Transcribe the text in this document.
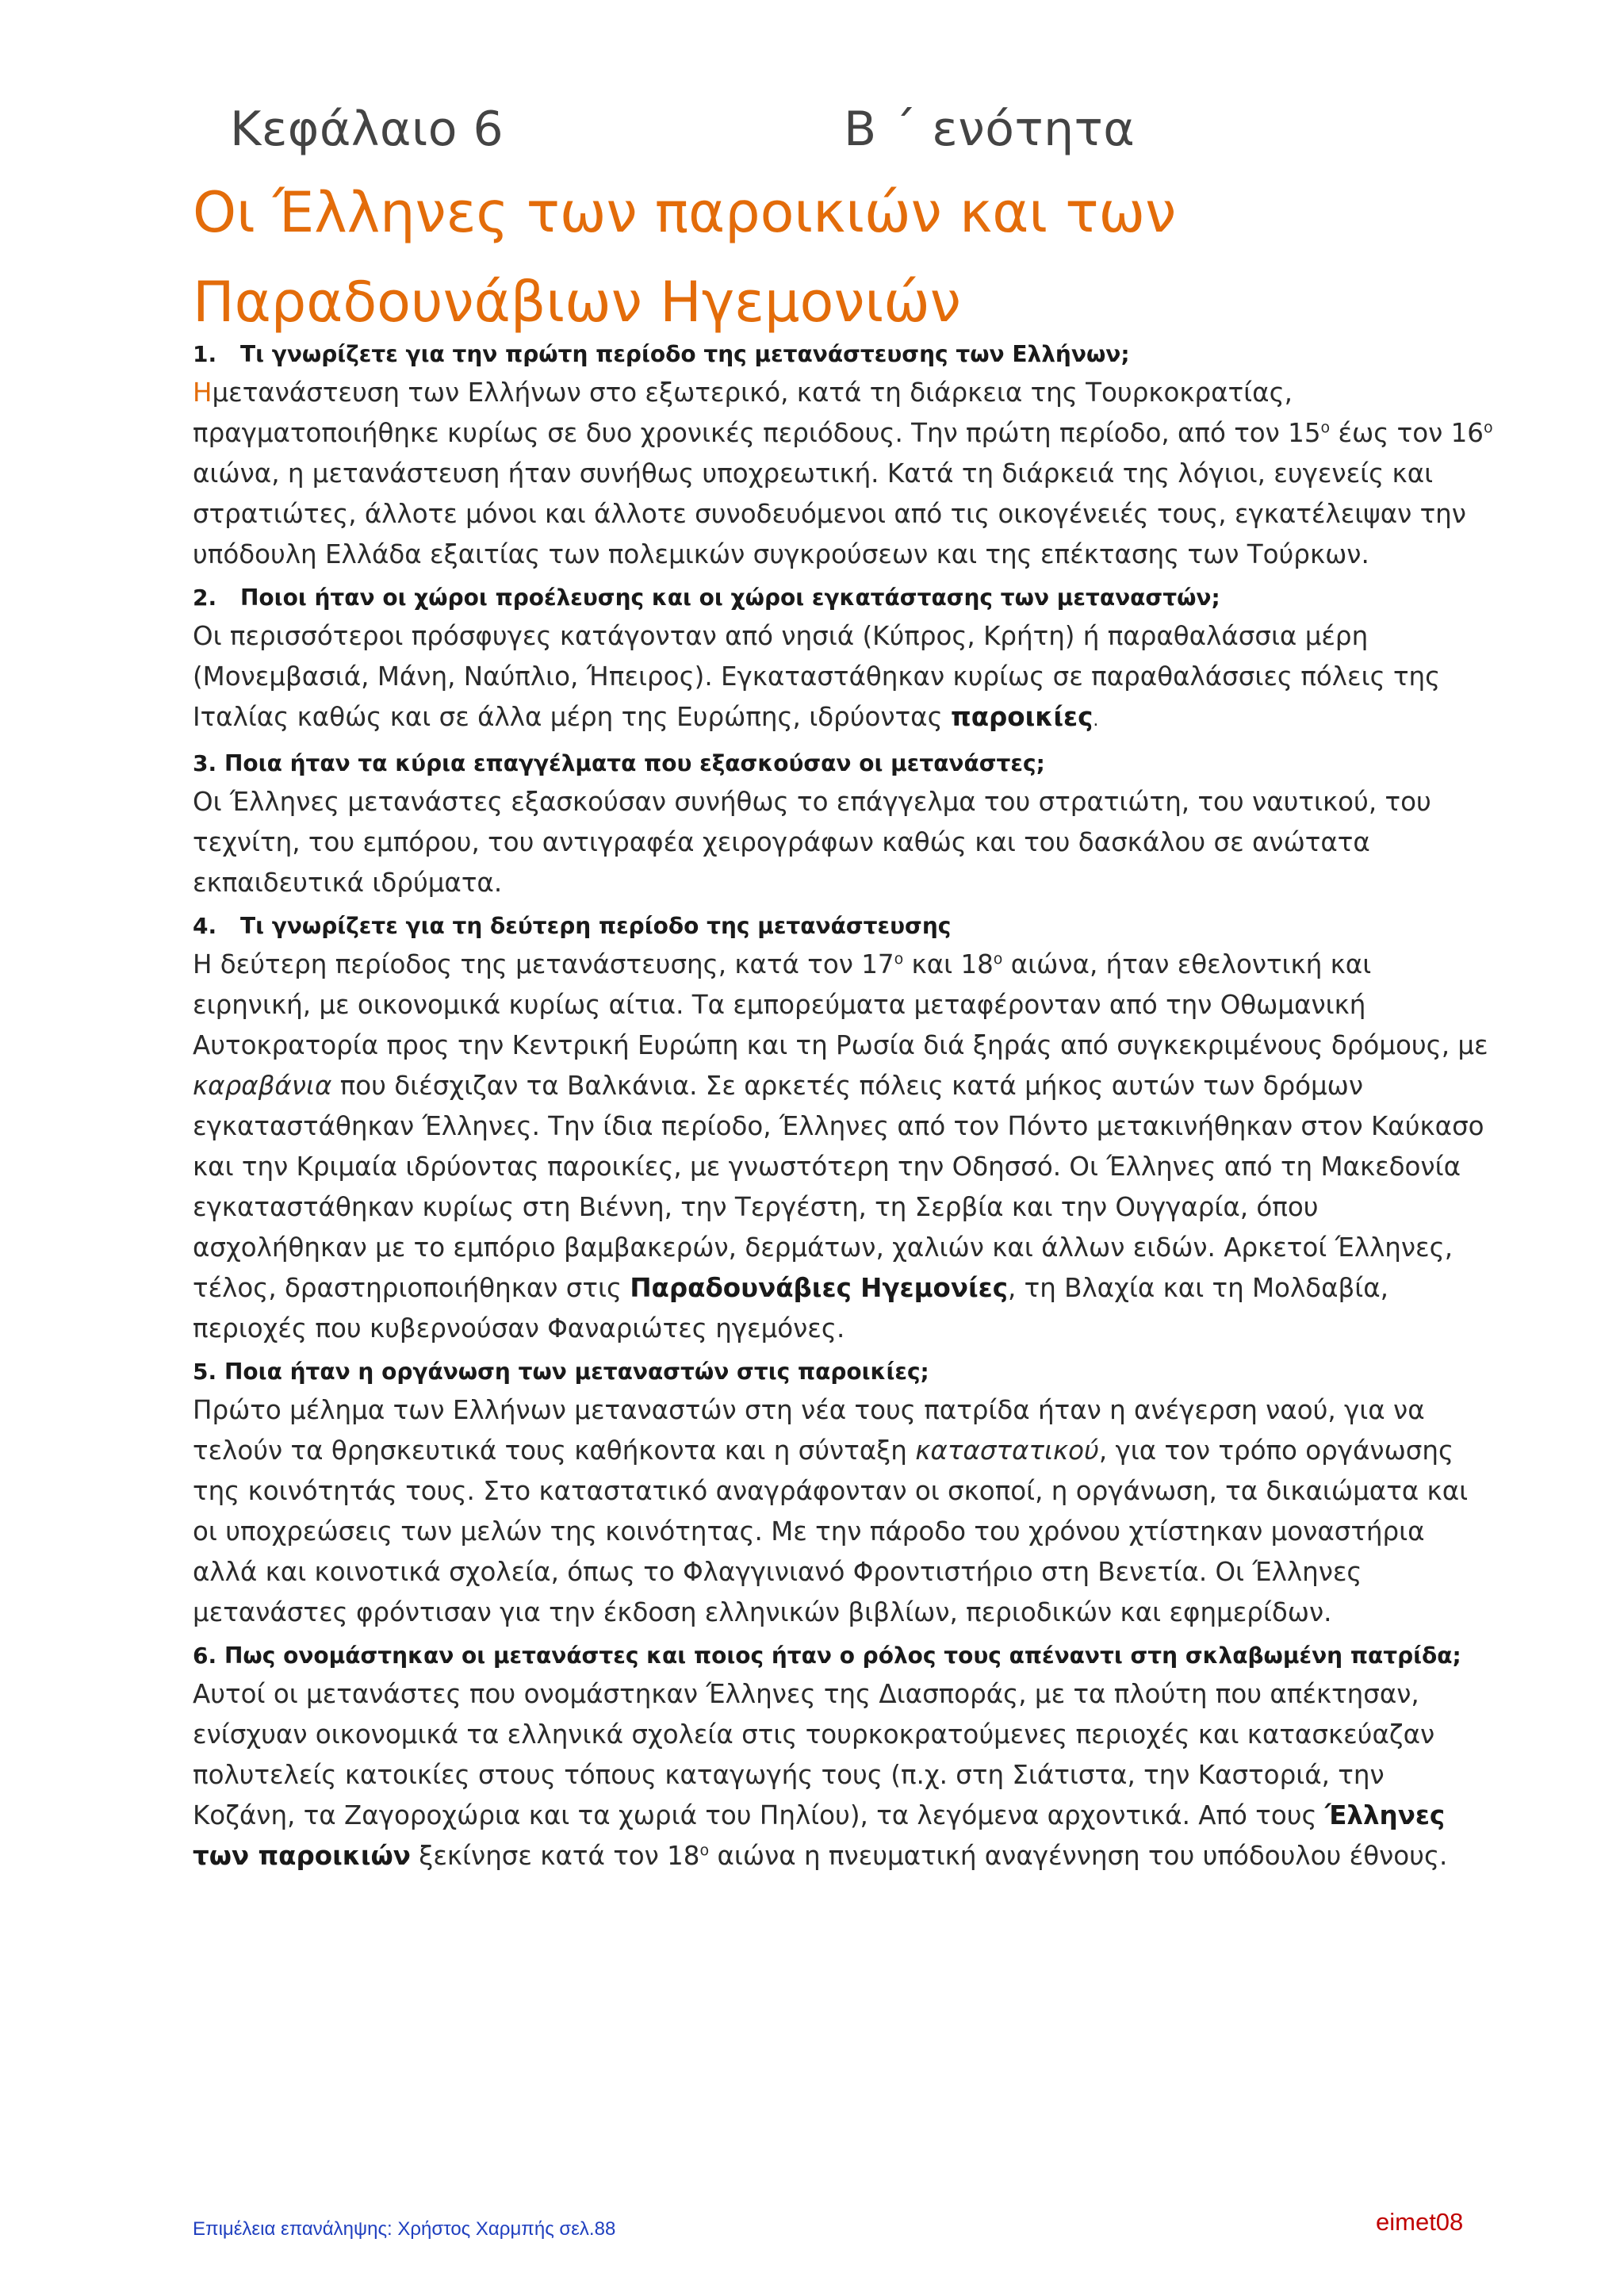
Κεφάλαιο 6	Β ΄ ενότητα
Οι Έλληνες των παροικιών και των
Παραδουνάβιων Ηγεμονιών

1. Τι γνωρίζετε για την πρώτη περίοδο της μετανάστευσης των Ελλήνων;

Ημετανάστευση των Ελλήνων στο εξωτερικό, κατά τη διάρκεια της Τουρκοκρατίας, πραγματοποιήθηκε κυρίως σε δυο χρονικές περιόδους. Την πρώτη περίοδο, από τον $15^o$ έως τον $16^o$ αιώνα, η μετανάστευση ήταν συνήθως υποχρεωτική. Κατά τη διάρκειά της λόγιοι, ευγενείς και στρατιώτες, άλλοτε μόνοι και άλλοτε συνοδευόμενοι από τις οικογένειές τους, εγκατέλειψαν την υπόδουλη Ελλάδα εξαιτίας των πολεμικών συγκρούσεων και της επέκτασης των Τούρκων.

2. Ποιοι ήταν οι χώροι προέλευσης και οι χώροι εγκατάστασης των μεταναστών;

Οι περισσότεροι πρόσφυγες κατάγονταν από νησιά (Κύπρος, Κρήτη) ή παραθαλάσσια μέρη (Μονεμβασιά, Μάνη, Ναύπλιο, Ήπειρος). Εγκαταστάθηκαν κυρίως σε παραθαλάσσιες πόλεις της Ιταλίας καθώς και σε άλλα μέρη της Ευρώπης, ιδρύοντας παροικίες.

3. Ποια ήταν τα κύρια επαγγέλματα που εξασκούσαν οι μετανάστες;

Οι Έλληνες μετανάστες εξασκούσαν συνήθως το επάγγελμα του στρατιώτη, του ναυτικού, του τεχνίτη, του εμπόρου, του αντιγραφέα χειρογράφων καθώς και του δασκάλου σε ανώτατα εκπαιδευτικά ιδρύματα.

4. Τι γνωρίζετε για τη δεύτερη περίοδο της μετανάστευσης

Η δεύτερη περίοδος της μετανάστευσης, κατά τον $17^o$ και $18^o$ αιώνα, ήταν εθελοντική και ειρηνική, με οικονομικά κυρίως αίτια. Τα εμπορεύματα μεταφέρονταν από την Οθωμανική Αυτοκρατορία προς την Κεντρική Ευρώπη και τη Ρωσία διά ξηράς από συγκεκριμένους δρόμους, με καραβάνια που διέσχιζαν τα Βαλκάνια. Σε αρκετές πόλεις κατά μήκος αυτών των δρόμων εγκαταστάθηκαν Έλληνες. Την ίδια περίοδο, Έλληνες από τον Πόντο μετακινήθηκαν στον Καύκασο και την Κριμαία ιδρύοντας παροικίες, με γνωστότερη την Οδησσό. Οι Έλληνες από τη Μακεδονία εγκαταστάθηκαν κυρίως στη Βιέννη, την Τεργέστη, τη Σερβία και την Ουγγαρία, όπου ασχολήθηκαν με το εμπόριο βαμβακερών, δερμάτων, χαλιών και άλλων ειδών. Αρκετοί Έλληνες, τέλος, δραστηριοποιήθηκαν στις Παραδουνάβιες Ηγεμονίες, τη Βλαχία και τη Μολδαβία, περιοχές που κυβερνούσαν Φαναριώτες ηγεμόνες.

5. Ποια ήταν η οργάνωση των μεταναστών στις παροικίες;

Πρώτο μέλημα των Ελλήνων μεταναστών στη νέα τους πατρίδα ήταν η ανέγερση ναού, για να τελούν τα θρησκευτικά τους καθήκοντα και η σύνταξη καταστατικού, για τον τρόπο οργάνωσης της κοινότητάς τους. Στο καταστατικό αναγράφονταν οι σκοποί, η οργάνωση, τα δικαιώματα και οι υποχρεώσεις των μελών της κοινότητας. Με την πάροδο του χρόνου χτίστηκαν μοναστήρια αλλά και κοινοτικά σχολεία, όπως το Φλαγγινιανό Φροντιστήριο στη Βενετία. Οι Έλληνες μετανάστες φρόντισαν για την έκδοση ελληνικών βιβλίων, περιοδικών και εφημερίδων.

6. Πως ονομάστηκαν οι μετανάστες και ποιος ήταν ο ρόλος τους απέναντι στη σκλαβωμένη πατρίδα;

Αυτοί οι μετανάστες που ονομάστηκαν Έλληνες της Διασποράς, με τα πλούτη που απέκτησαν, ενίσχυαν οικονομικά τα ελληνικά σχολεία στις τουρκοκρατούμενες περιοχές και κατασκεύαζαν πολυτελείς κατοικίες στους τόπους καταγωγής τους (π.χ. στη Σιάτιστα, την Καστοριά, την Κοζάνη, τα Ζαγοροχώρια και τα χωριά του Πηλίου), τα λεγόμενα αρχοντικά. Από τους Έλληνες των παροικιών ξεκίνησε κατά τον $18^o$ αιώνα η πνευματική αναγέννηση του υπόδουλου έθνους.

Επιμέλεια επανάληψης: Χρήστος Χαρμπής σελ.88	eimet08
